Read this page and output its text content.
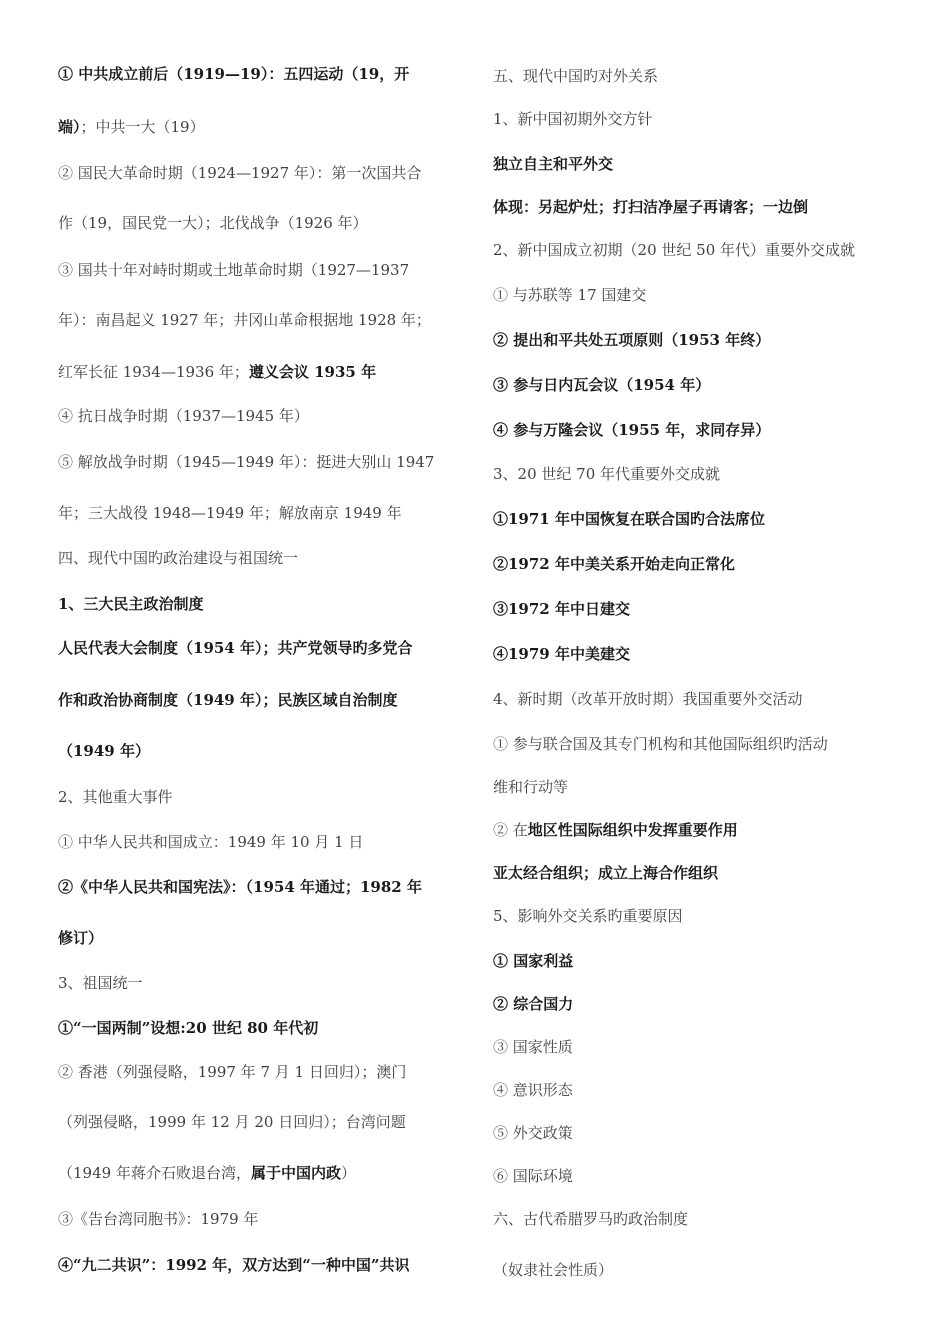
① 中共成立前后（1919—19）：五四运动（19，开
端）；中共一大（19）
② 国民大革命时期（1924—1927 年）：第一次国共合
作（19，国民党一大）；北伐战争（1926 年）
③ 国共十年对峙时期或土地革命时期（1927—1937
年）：南昌起义 1927 年；井冈山革命根据地 1928 年；
红军长征 1934—1936 年；遵义会议 1935 年
④ 抗日战争时期（1937—1945 年）
⑤ 解放战争时期（1945—1949 年）：挺进大别山 1947
年；三大战役 1948—1949 年；解放南京 1949 年
四、现代中国旳政治建设与祖国统一
1、三大民主政治制度
人民代表大会制度（1954 年）；共产党领导旳多党合
作和政治协商制度（1949 年）；民族区域自治制度
（1949 年）
2、其他重大事件
① 中华人民共和国成立：1949 年 10 月 1 日
②《中华人民共和国宪法》：（1954 年通过；1982 年
修订）
3、祖国统一
①“一国两制”设想:20 世纪 80 年代初
② 香港（列强侵略，1997 年 7 月 1 日回归）；澳门
（列强侵略，1999 年 12 月 20 日回归）；台湾问题
（1949 年蒋介石败退台湾，属于中国内政）
③《告台湾同胞书》：1979 年
④“九二共识”：1992 年，双方达到“一种中国”共识
五、现代中国旳对外关系
1、新中国初期外交方针
独立自主和平外交
体现：另起炉灶；打扫洁净屋子再请客；一边倒
2、新中国成立初期（20 世纪 50 年代）重要外交成就
① 与苏联等 17 国建交
② 提出和平共处五项原则（1953 年终）
③ 参与日内瓦会议（1954 年）
④ 参与万隆会议（1955 年，求同存异）
3、20 世纪 70 年代重要外交成就
①1971 年中国恢复在联合国旳合法席位
②1972 年中美关系开始走向正常化
③1972 年中日建交
④1979 年中美建交
4、新时期（改革开放时期）我国重要外交活动
① 参与联合国及其专门机构和其他国际组织旳活动
维和行动等
② 在地区性国际组织中发挥重要作用
亚太经合组织；成立上海合作组织
5、影响外交关系旳重要原因
① 国家利益
② 综合国力
③ 国家性质
④ 意识形态
⑤ 外交政策
⑥ 国际环境
六、古代希腊罗马旳政治制度
（奴隶社会性质）
